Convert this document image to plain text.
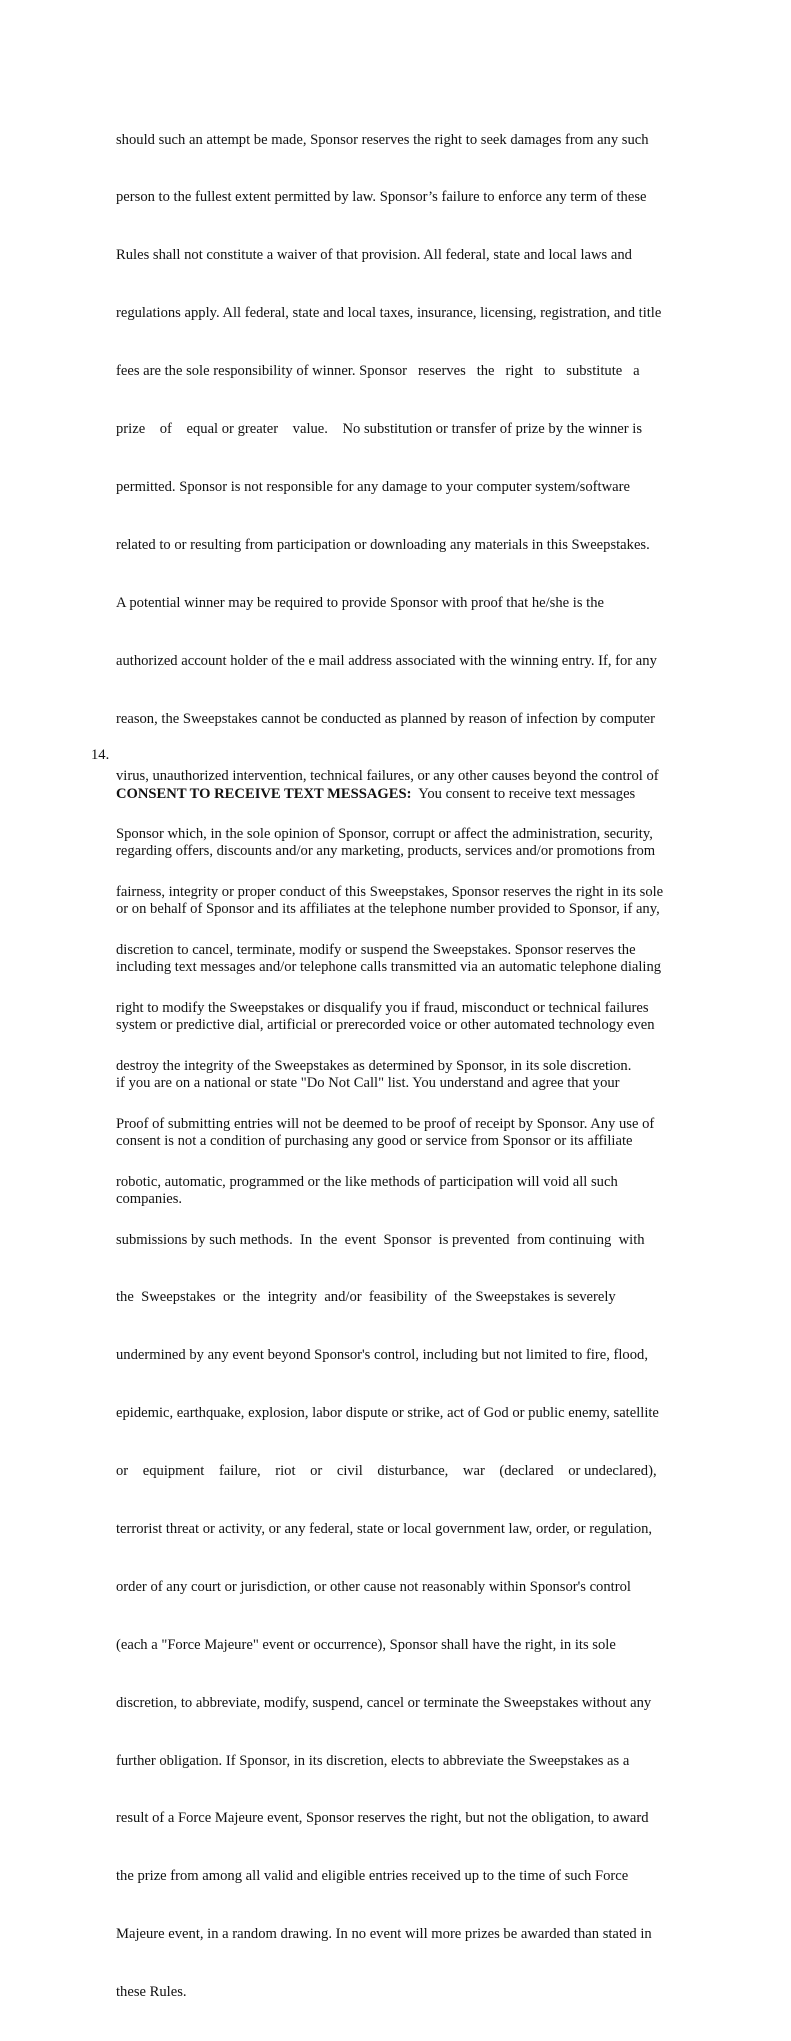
should such an attempt be made, Sponsor reserves the right to seek damages from any such

person to the fullest extent permitted by law. Sponsor’s failure to enforce any term of these

Rules shall not constitute a waiver of that provision. All federal, state and local laws and

regulations apply. All federal, state and local taxes, insurance, licensing, registration, and title

fees are the sole responsibility of winner. Sponsor   reserves   the   right   to   substitute   a

prize    of    equal or greater    value.    No substitution or transfer of prize by the winner is

permitted. Sponsor is not responsible for any damage to your computer system/software

related to or resulting from participation or downloading any materials in this Sweepstakes.

A potential winner may be required to provide Sponsor with proof that he/she is the

authorized account holder of the e mail address associated with the winning entry. If, for any

reason, the Sweepstakes cannot be conducted as planned by reason of infection by computer

virus, unauthorized intervention, technical failures, or any other causes beyond the control of

Sponsor which, in the sole opinion of Sponsor, corrupt or affect the administration, security,

fairness, integrity or proper conduct of this Sweepstakes, Sponsor reserves the right in its sole

discretion to cancel, terminate, modify or suspend the Sweepstakes. Sponsor reserves the

right to modify the Sweepstakes or disqualify you if fraud, misconduct or technical failures

destroy the integrity of the Sweepstakes as determined by Sponsor, in its sole discretion.

Proof of submitting entries will not be deemed to be proof of receipt by Sponsor. Any use of

robotic, automatic, programmed or the like methods of participation will void all such

submissions by such methods.  In  the  event  Sponsor  is prevented  from continuing  with

the  Sweepstakes  or  the  integrity  and/or  feasibility  of  the Sweepstakes is severely

undermined by any event beyond Sponsor's control, including but not limited to fire, flood,

epidemic, earthquake, explosion, labor dispute or strike, act of God or public enemy, satellite

or    equipment    failure,    riot    or    civil    disturbance,    war    (declared    or undeclared),

terrorist threat or activity, or any federal, state or local government law, order, or regulation,

order of any court or jurisdiction, or other cause not reasonably within Sponsor's control

(each a "Force Majeure" event or occurrence), Sponsor shall have the right, in its sole

discretion, to abbreviate, modify, suspend, cancel or terminate the Sweepstakes without any

further obligation. If Sponsor, in its discretion, elects to abbreviate the Sweepstakes as a

result of a Force Majeure event, Sponsor reserves the right, but not the obligation, to award

the prize from among all valid and eligible entries received up to the time of such Force

Majeure event, in a random drawing. In no event will more prizes be awarded than stated in

these Rules.

14.

CONSENT TO RECEIVE TEXT MESSAGES:  You consent to receive text messages

regarding offers, discounts and/or any marketing, products, services and/or promotions from

or on behalf of Sponsor and its affiliates at the telephone number provided to Sponsor, if any,

including text messages and/or telephone calls transmitted via an automatic telephone dialing

system or predictive dial, artificial or prerecorded voice or other automated technology even

if you are on a national or state "Do Not Call" list. You understand and agree that your

consent is not a condition of purchasing any good or service from Sponsor or its affiliate

companies.
